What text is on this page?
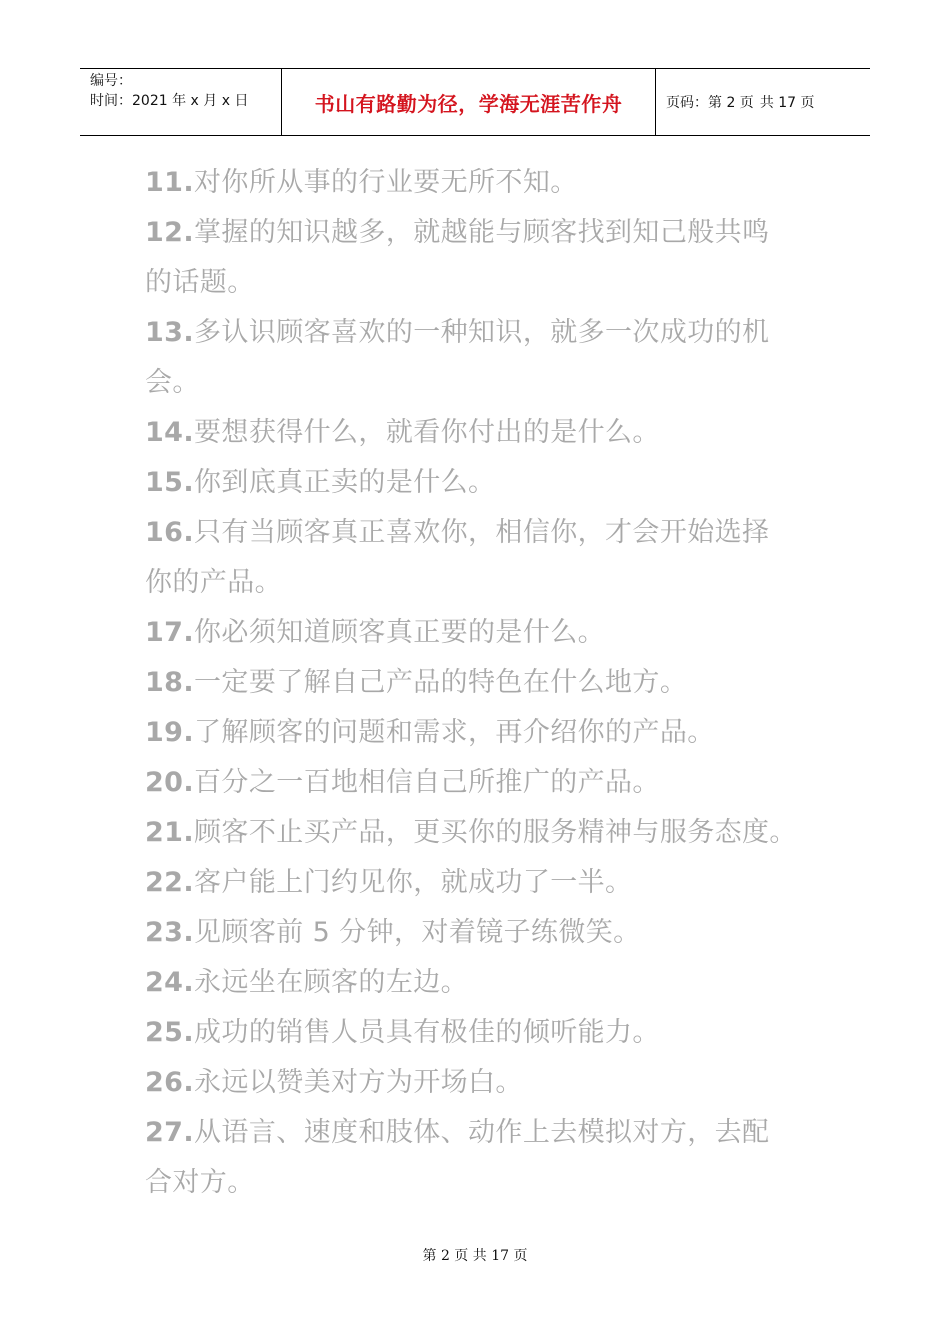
编号：
时间：2021 年 x 月 x 日	书山有路勤为径，学海无涯苦作舟	页码：第 2 页 共 17 页
11.对你所从事的行业要无所不知。
12.掌握的知识越多，就越能与顾客找到知己般共鸣
的话题。
13.多认识顾客喜欢的一种知识，就多一次成功的机
会。
14.要想获得什么，就看你付出的是什么。
15.你到底真正卖的是什么。
16.只有当顾客真正喜欢你，相信你，才会开始选择
你的产品。
17.你必须知道顾客真正要的是什么。
18.一定要了解自己产品的特色在什么地方。
19.了解顾客的问题和需求，再介绍你的产品。
20.百分之一百地相信自己所推广的产品。
21.顾客不止买产品，更买你的服务精神与服务态度。
22.客户能上门约见你，就成功了一半。
23.见顾客前 5 分钟，对着镜子练微笑。
24.永远坐在顾客的左边。
25.成功的销售人员具有极佳的倾听能力。
26.永远以赞美对方为开场白。
27.从语言、速度和肢体、动作上去模拟对方，去配
合对方。
第 2 页 共 17 页
